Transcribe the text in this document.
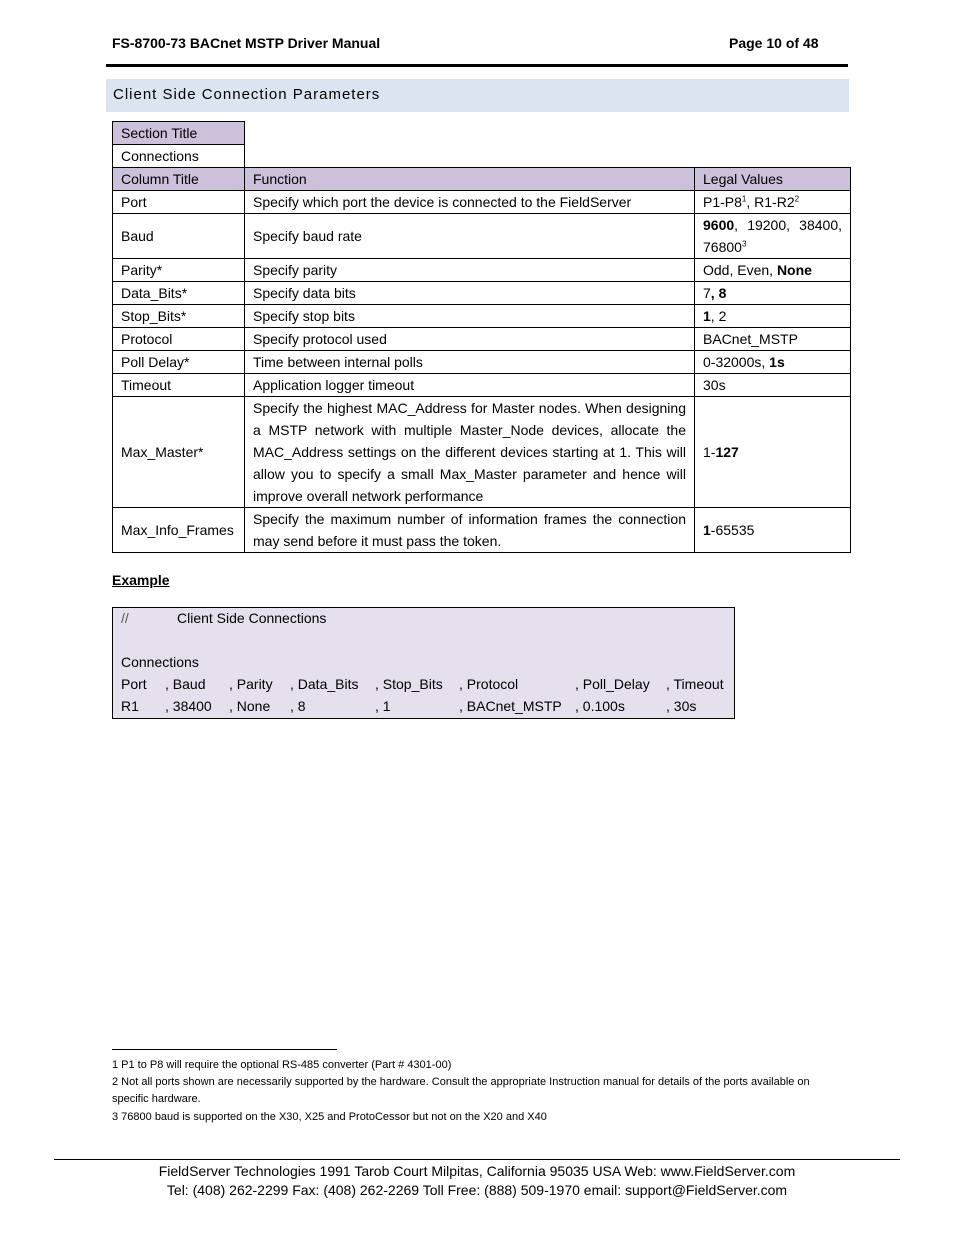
FS-8700-73 BACnet MSTP Driver Manual	Page 10 of 48
Client Side Connection Parameters
Section Title		
Connections		
Column Title	Function	Legal Values
Port	Specify which port the device is connected to the FieldServer	$P1-P8^1$, $R1-R2^2$
Baud	Specify baud rate	9600, 19200, 38400, 76800$^3$
Parity*	Specify parity	Odd, Even, None
Data_Bits*	Specify data bits	7, 8
Stop_Bits*	Specify stop bits	1, 2
Protocol	Specify protocol used	BACnet_MSTP
Poll Delay*	Time between internal polls	0-32000s, 1s
Timeout	Application logger timeout	30s
Max_Master*	Specify the highest MAC_Address for Master nodes. When designing a MSTP network with multiple Master_Node devices, allocate the MAC_Address settings on the different devices starting at 1. This will allow you to specify a small Max_Master parameter and hence will improve overall network performance	1-127
Max_Info_Frames	Specify the maximum number of information frames the connection may send before it must pass the token.	1-65535
Example
//	Client Side Connections
Connections
Port , Baud , Parity , Data_Bits , Stop_Bits , Protocol	, Poll_Delay , Timeout
R1 , 38400 , None , 8	, 1	, BACnet_MSTP , 0.100s	, 30s
1 P1 to P8 will require the optional RS-485 converter (Part # 4301-00)
2 Not all ports shown are necessarily supported by the hardware. Consult the appropriate Instruction manual for details of the ports available on specific hardware.
3 76800 baud is supported on the X30, X25 and ProtoCessor but not on the X20 and X40
FieldServer Technologies 1991 Tarob Court Milpitas, California 95035 USA Web: www.FieldServer.com
Tel: (408) 262-2299 Fax: (408) 262-2269 Toll Free: (888) 509-1970 email: support@FieldServer.com
